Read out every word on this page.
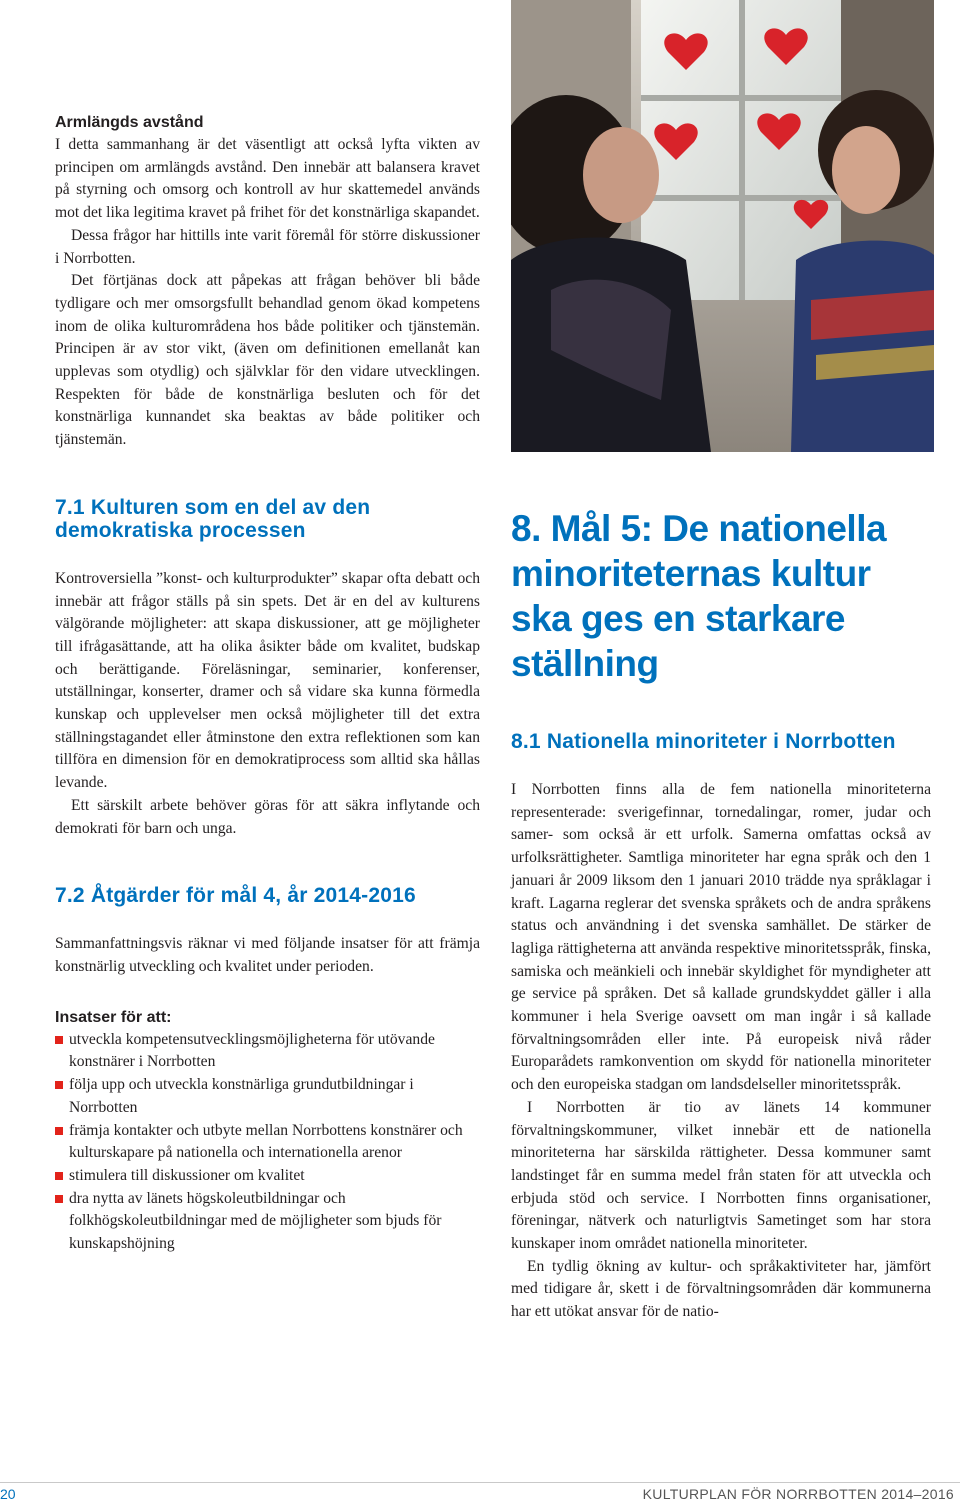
Armlängds avstånd

I detta sammanhang är det väsentligt att också lyfta vikten av principen om armlängds avstånd. Den innebär att balansera kravet på styrning och omsorg och kontroll av hur skattemedel används mot det lika legitima kravet på frihet för det konstnärliga skapandet.

Dessa frågor har hittills inte varit föremål för större diskussioner i Norrbotten.

Det förtjänas dock att påpekas att frågan behöver bli både tydligare och mer omsorgsfullt behandlad genom ökad kompetens inom de olika kulturområdena hos både politiker och tjänstemän. Principen är av stor vikt, (även om definitionen emellanåt kan upplevas som otydlig) och självklar för den vidare utvecklingen. Respekten för både de konstnärliga besluten och för det konstnärliga kunnandet ska beaktas av både politiker och tjänstemän.

7.1 Kulturen som en del av den demokratiska processen

Kontroversiella ”konst- och kulturprodukter” skapar ofta debatt och innebär att frågor ställs på sin spets. Det är en del av kulturens välgörande möjligheter: att skapa diskussioner, att ge möjligheter till ifrågasättande, att ha olika åsikter både om kvalitet, budskap och berättigande. Föreläsningar, seminarier, konferenser, utställningar, konserter, dramer och så vidare ska kunna förmedla kunskap och upplevelser men också möjligheter till det extra ställningstagandet eller åtminstone den extra reflektionen som kan tillföra en dimension för en demokratiprocess som alltid ska hållas levande.

Ett särskilt arbete behöver göras för att säkra inflytande och demokrati för barn och unga.

7.2 Åtgärder för mål 4, år 2014-2016

Sammanfattningsvis räknar vi med följande insatser för att främja konstnärlig utveckling och kvalitet under perioden.

Insatser för att:
utveckla kompetensutvecklingsmöjligheterna för utövande konstnärer i Norrbotten
följa upp och utveckla konstnärliga grundutbildningar i Norrbotten
främja kontakter och utbyte mellan Norrbottens konstnärer och kulturskapare på nationella och internationella arenor
stimulera till diskussioner om kvalitet
dra nytta av länets högskoleutbildningar och folkhögskoleutbildningar med de möjligheter som bjuds för kunskapshöjning
8. Mål 5: De nationella minoriteternas kultur ska ges en starkare ställning
8.1 Nationella minoriteter i Norrbotten

I Norrbotten finns alla de fem nationella minoriteterna representerade: sverigefinnar, tornedalingar, romer, judar och samer- som också är ett urfolk. Samerna omfattas också av urfolksrättigheter. Samtliga minoriteter har egna språk och den 1 januari år 2009 liksom den 1 januari 2010 trädde nya språklagar i kraft. Lagarna reglerar det svenska språkets och de andra språkens status och användning i det svenska samhället. De stärker de lagliga rättigheterna att använda respektive minoritetsspråk, finska, samiska och meänkieli och innebär skyldighet för myndigheter att ge service på språken. Det så kallade grundskyddet gäller i alla kommuner i hela Sverige oavsett om man ingår i så kallade förvaltningsområden eller inte. På europeisk nivå råder Europarådets ramkonvention om skydd för nationella minoriteter och den europeiska stadgan om landsdelseller minoritetsspråk.

I Norrbotten är tio av länets 14 kommuner förvaltningskommuner, vilket innebär ett de nationella minoriteterna har särskilda rättigheter. Dessa kommuner samt landstinget får en summa medel från staten för att utveckla och erbjuda stöd och service. I Norrbotten finns organisationer, föreningar, nätverk och naturligtvis Sametinget som har stora kunskaper inom området nationella minoriteter.

En tydlig ökning av kultur- och språkaktiviteter har, jämfört med tidigare år, skett i de förvaltningsområden där kommunerna har ett utökat ansvar för de natio-

20	KULTURPLAN FÖR NORRBOTTEN 2014–2016
